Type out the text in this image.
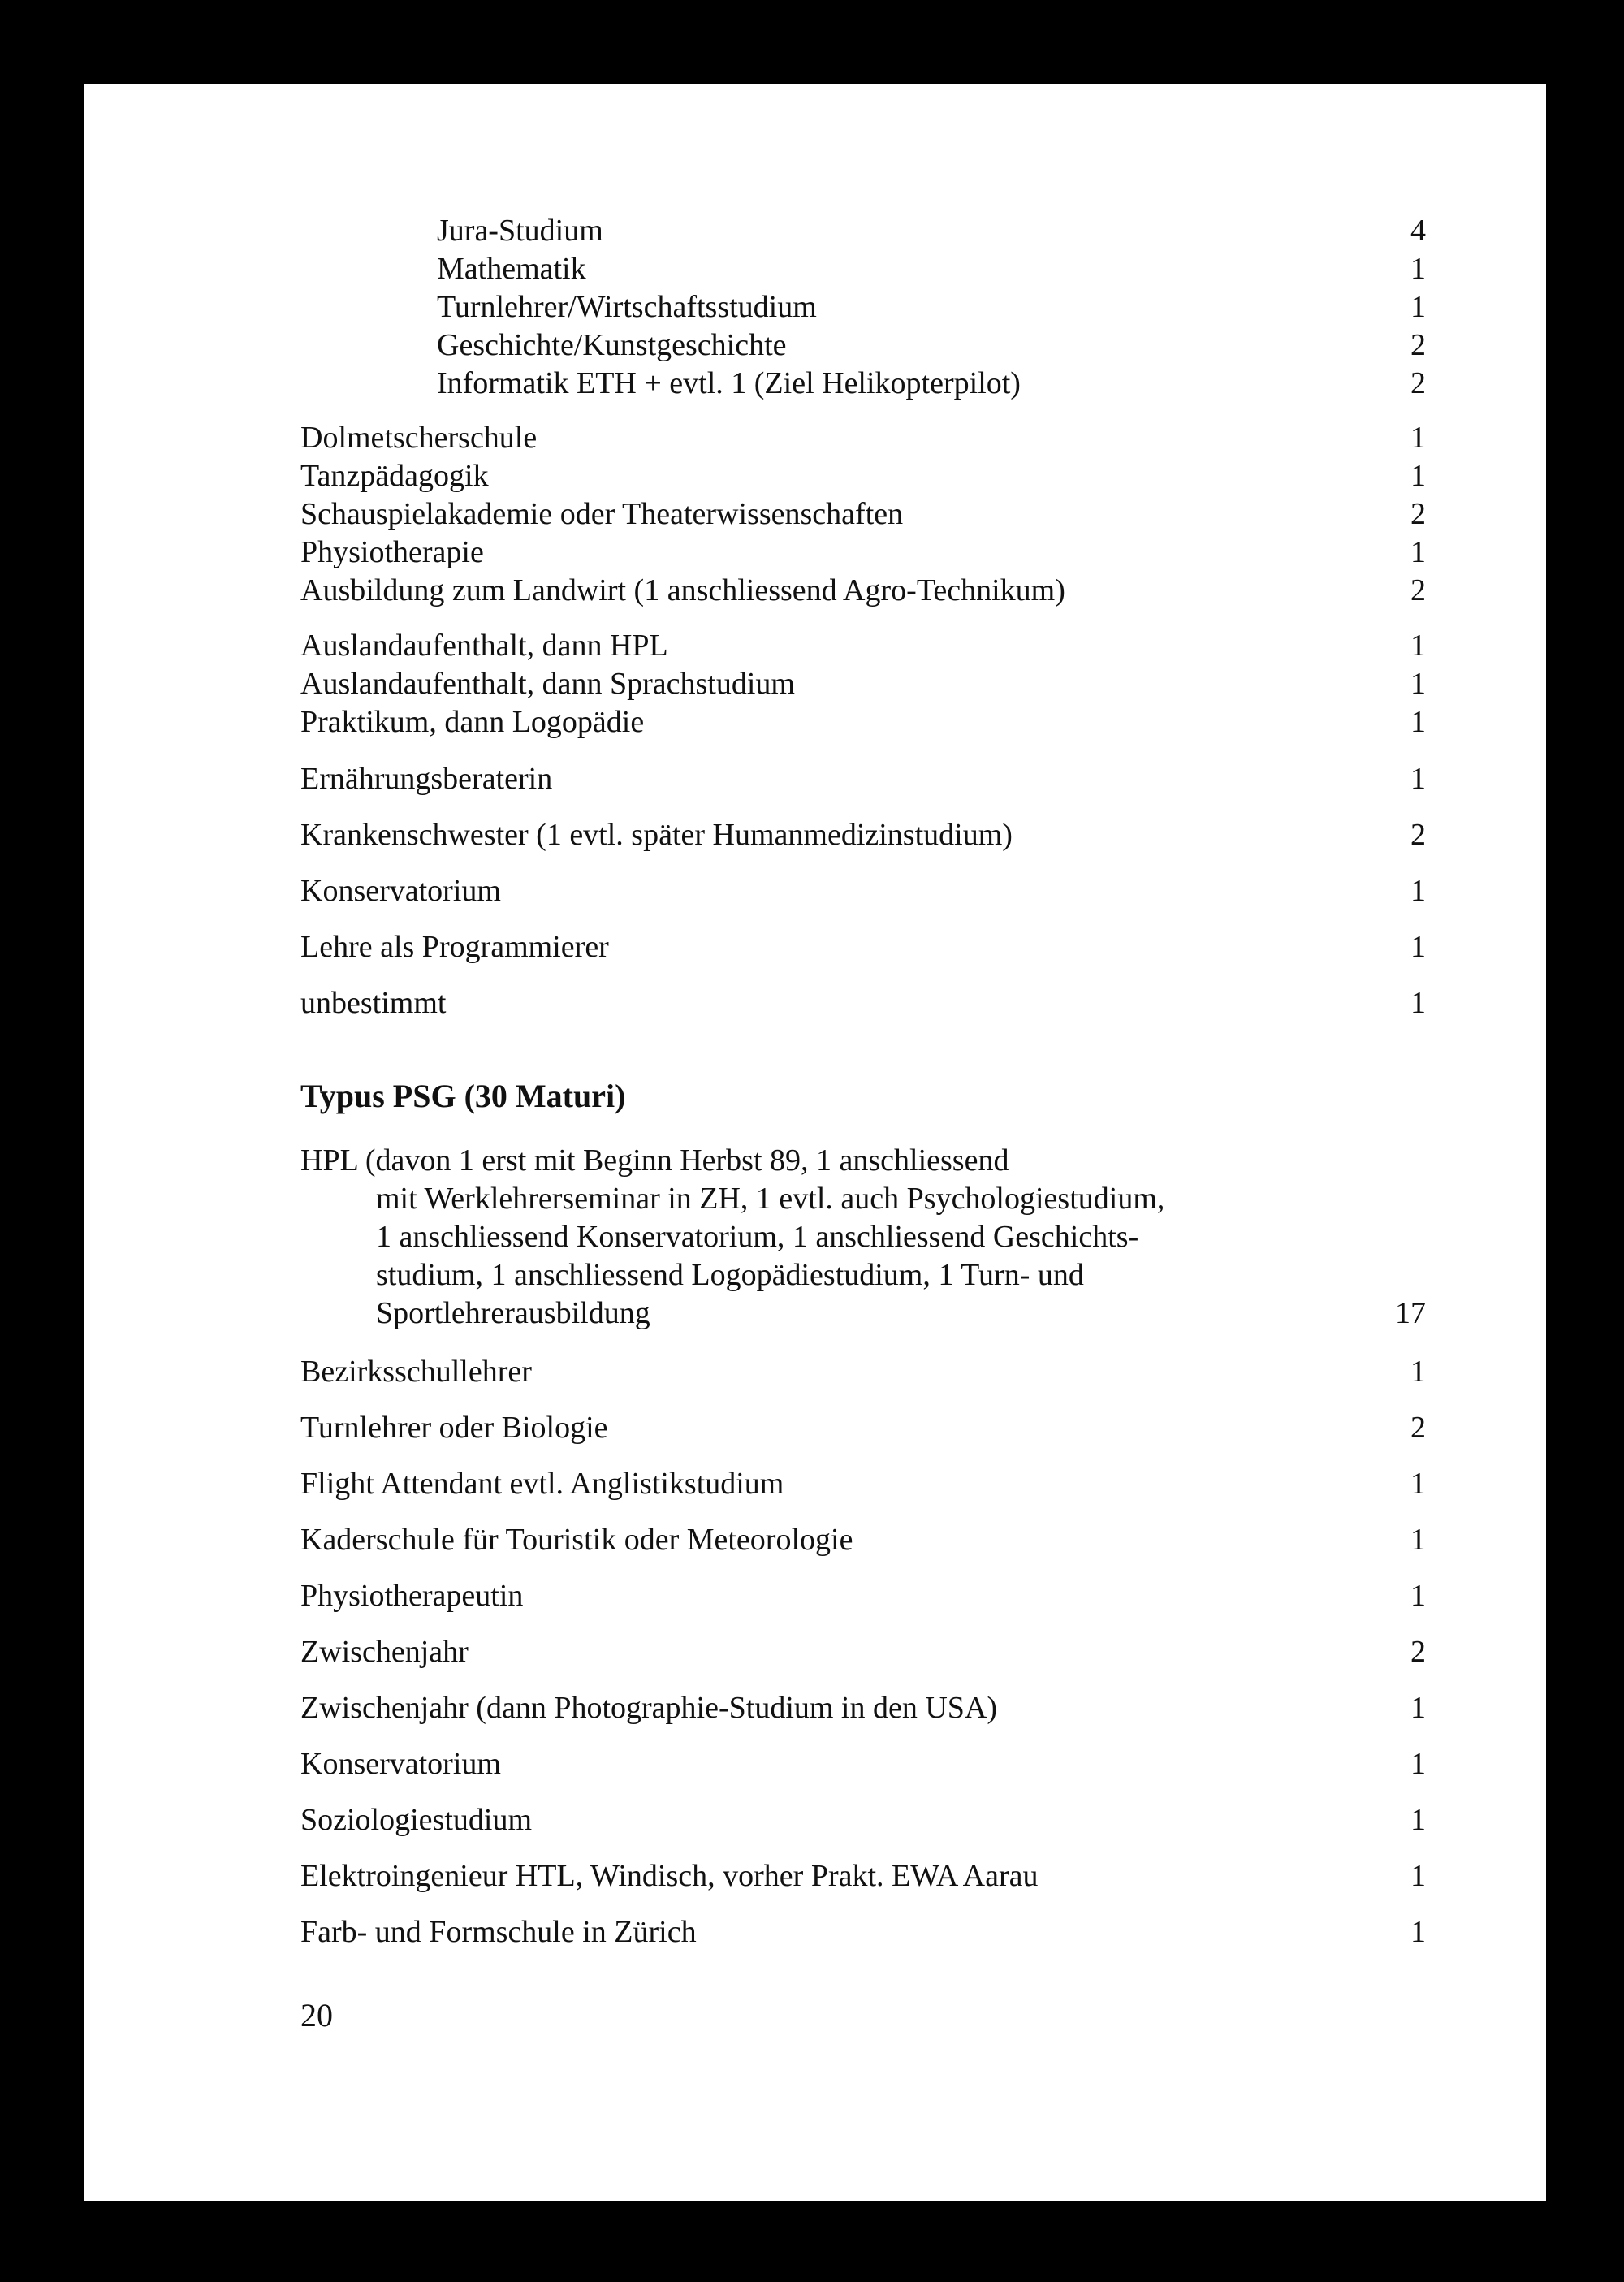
Jura-Studium	4
Mathematik	1
Turnlehrer/Wirtschaftsstudium	1
Geschichte/Kunstgeschichte	2
Informatik ETH + evtl. 1 (Ziel Helikopterpilot)	2
Dolmetscherschule	1
Tanzpädagogik	1
Schauspielakademie oder Theaterwissenschaften	2
Physiotherapie	1
Ausbildung zum Landwirt (1 anschliessend Agro-Technikum)	2
Auslandaufenthalt, dann HPL	1
Auslandaufenthalt, dann Sprachstudium	1
Praktikum, dann Logopädie	1
Ernährungsberaterin	1
Krankenschwester (1 evtl. später Humanmedizinstudium)	2
Konservatorium	1
Lehre als Programmierer	1
unbestimmt	1
Typus PSG (30 Maturi)
HPL (davon 1 erst mit Beginn Herbst 89, 1 anschliessend
mit Werklehrerseminar in ZH, 1 evtl. auch Psychologiestudium,
1 anschliessend Konservatorium, 1 anschliessend Geschichts-
studium, 1 anschliessend Logopädiestudium, 1 Turn- und
Sportlehrerausbildung	17
Bezirksschullehrer	1
Turnlehrer oder Biologie	2
Flight Attendant evtl. Anglistikstudium	1
Kaderschule für Touristik oder Meteorologie	1
Physiotherapeutin	1
Zwischenjahr	2
Zwischenjahr (dann Photographie-Studium in den USA)	1
Konservatorium	1
Soziologiestudium	1
Elektroingenieur HTL, Windisch, vorher Prakt. EWA Aarau	1
Farb- und Formschule in Zürich	1
20
